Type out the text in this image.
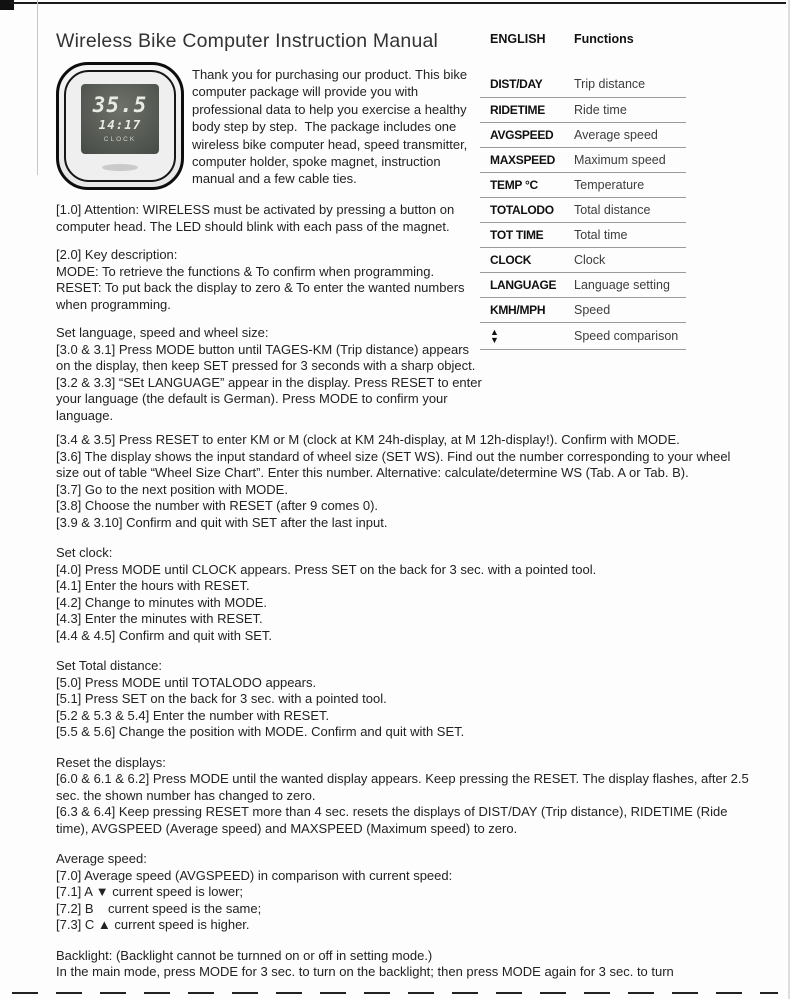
Wireless Bike Computer Instruction Manual
35.5
14:17
CLOCK

Thank you for purchasing our product. This bike computer package will provide you with professional data to help you exercise a healthy body step by step.  The package includes one wireless bike computer head, speed transmitter, computer holder, spoke magnet, instruction manual and a few cable ties.

[1.0] Attention: WIRELESS must be activated by pressing a button on computer head. The LED should blink with each pass of the magnet.
[2.0] Key description:
MODE: To retrieve the functions & To confirm when programming.
RESET: To put back the display to zero & To enter the wanted numbers when programming.
Set language, speed and wheel size:
[3.0 & 3.1] Press MODE button until TAGES-KM (Trip distance) appears on the display, then keep SET pressed for 3 seconds with a sharp object.
[3.2 & 3.3] “SEt LANGUAGE” appear in the display. Press RESET to enter your language (the default is German). Press MODE to confirm your language.
[3.4 & 3.5] Press RESET to enter KM or M (clock at KM 24h-display, at M 12h-display!). Confirm with MODE.
[3.6] The display shows the input standard of wheel size (SET WS). Find out the number corresponding to your wheel size out of table “Wheel Size Chart”. Enter this number. Alternative: calculate/determine WS (Tab. A or Tab. B).
[3.7] Go to the next position with MODE.
[3.8] Choose the number with RESET (after 9 comes 0).
[3.9 & 3.10] Confirm and quit with SET after the last input.
Set clock:
[4.0] Press MODE until CLOCK appears. Press SET on the back for 3 sec. with a pointed tool.
[4.1] Enter the hours with RESET.
[4.2] Change to minutes with MODE.
[4.3] Enter the minutes with RESET.
[4.4 & 4.5] Confirm and quit with SET.
Set Total distance:
[5.0] Press MODE until TOTALODO appears.
[5.1] Press SET on the back for 3 sec. with a pointed tool.
[5.2 & 5.3 & 5.4] Enter the number with RESET.
[5.5 & 5.6] Change the position with MODE. Confirm and quit with SET.
Reset the displays:
[6.0 & 6.1 & 6.2] Press MODE until the wanted display appears. Keep pressing the RESET. The display flashes, after 2.5 sec. the shown number has changed to zero.
[6.3 & 6.4] Keep pressing RESET more than 4 sec. resets the displays of DIST/DAY (Trip distance), RIDETIME (Ride time), AVGSPEED (Average speed) and MAXSPEED (Maximum speed) to zero.
Average speed:
[7.0] Average speed (AVGSPEED) in comparison with current speed:
[7.1] A ▼ current speed is lower;
[7.2] B    current speed is the same;
[7.3] C ▲ current speed is higher.
Backlight: (Backlight cannot be turnned on or off in setting mode.)
In the main mode, press MODE for 3 sec. to turn on the backlight; then press MODE again for 3 sec. to turn
ENGLISH	Functions
DIST/DAY	Trip distance
RIDETIME	Ride time
AVGSPEED	Average speed
MAXSPEED	Maximum speed
TEMP °C	Temperature
TOTALODO	Total distance
TOT TIME	Total time
CLOCK	Clock
LANGUAGE	Language setting
KMH/MPH	Speed

▲
▼	Speed comparison
